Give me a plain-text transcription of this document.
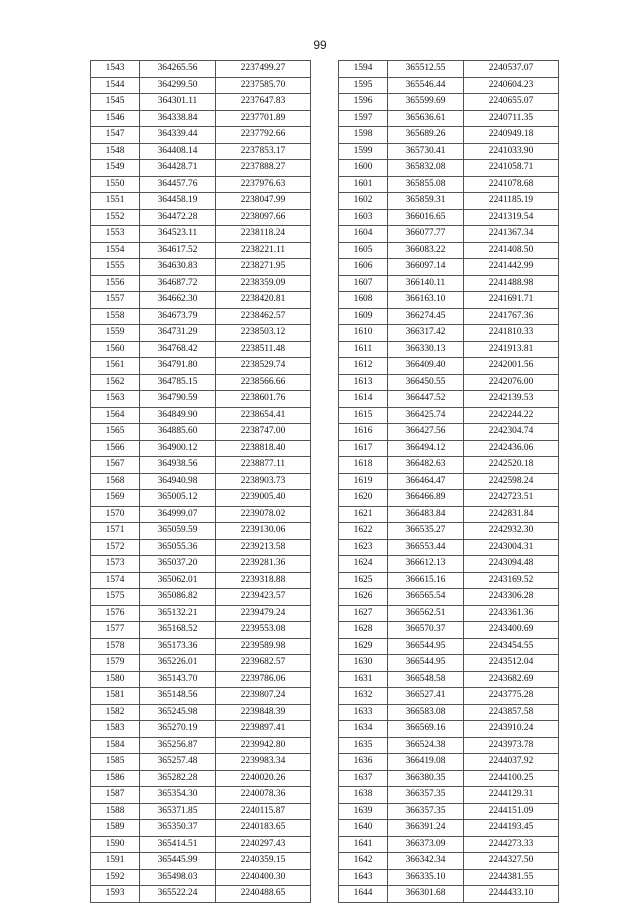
99
1543	364265.56	2237499.27
1544	364299.50	2237585.70
1545	364301.11	2237647.83
1546	364338.84	2237701.89
1547	364339.44	2237792.66
1548	364408.14	2237853.17
1549	364428.71	2237888.27
1550	364457.76	2237976.63
1551	364458.19	2238047.99
1552	364472.28	2238097.66
1553	364523.11	2238118.24
1554	364617.52	2238221.11
1555	364630.83	2238271.95
1556	364687.72	2238359.09
1557	364662.30	2238420.81
1558	364673.79	2238462.57
1559	364731.29	2238503.12
1560	364768.42	2238511.48
1561	364791.80	2238529.74
1562	364785.15	2238566.66
1563	364790.59	2238601.76
1564	364849.90	2238654.41
1565	364885.60	2238747.00
1566	364900.12	2238818.40
1567	364938.56	2238877.11
1568	364940.98	2238903.73
1569	365005.12	2239005.40
1570	364999.07	2239078.02
1571	365059.59	2239130.06
1572	365055.36	2239213.58
1573	365037.20	2239281.36
1574	365062.01	2239318.88
1575	365086.82	2239423.57
1576	365132.21	2239479.24
1577	365168.52	2239553.08
1578	365173.36	2239589.98
1579	365226.01	2239682.57
1580	365143.70	2239786.06
1581	365148.56	2239807.24
1582	365245.98	2239848.39
1583	365270.19	2239897.41
1584	365256.87	2239942.80
1585	365257.48	2239983.34
1586	365282.28	2240020.26
1587	365354.30	2240078.36
1588	365371.85	2240115.87
1589	365350.37	2240183.65
1590	365414.51	2240297.43
1591	365445.99	2240359.15
1592	365498.03	2240400.30
1593	365522.24	2240488.65
1594	365512.55	2240537.07
1595	365546.44	2240604.23
1596	365599.69	2240655.07
1597	365636.61	2240711.35
1598	365689.26	2240949.18
1599	365730.41	2241033.90
1600	365832.08	2241058.71
1601	365855.08	2241078.68
1602	365859.31	2241185.19
1603	366016.65	2241319.54
1604	366077.77	2241367.34
1605	366083.22	2241408.50
1606	366097.14	2241442.99
1607	366140.11	2241488.98
1608	366163.10	2241691.71
1609	366274.45	2241767.36
1610	366317.42	2241810.33
1611	366330.13	2241913.81
1612	366409.40	2242001.56
1613	366450.55	2242076.00
1614	366447.52	2242139.53
1615	366425.74	2242244.22
1616	366427.56	2242304.74
1617	366494.12	2242436.06
1618	366482.63	2242520.18
1619	366464.47	2242598.24
1620	366466.89	2242723.51
1621	366483.84	2242831.84
1622	366535.27	2242932.30
1623	366553.44	2243004.31
1624	366612.13	2243094.48
1625	366615.16	2243169.52
1626	366565.54	2243306.28
1627	366562.51	2243361.36
1628	366570.37	2243400.69
1629	366544.95	2243454.55
1630	366544.95	2243512.04
1631	366548.58	2243682.69
1632	366527.41	2243775.28
1633	366583.08	2243857.58
1634	366569.16	2243910.24
1635	366524.38	2243973.78
1636	366419.08	2244037.92
1637	366380.35	2244100.25
1638	366357.35	2244129.31
1639	366357.35	2244151.09
1640	366391.24	2244193.45
1641	366373.09	2244273.33
1642	366342.34	2244327.50
1643	366335.10	2244381.55
1644	366301.68	2244433.10
